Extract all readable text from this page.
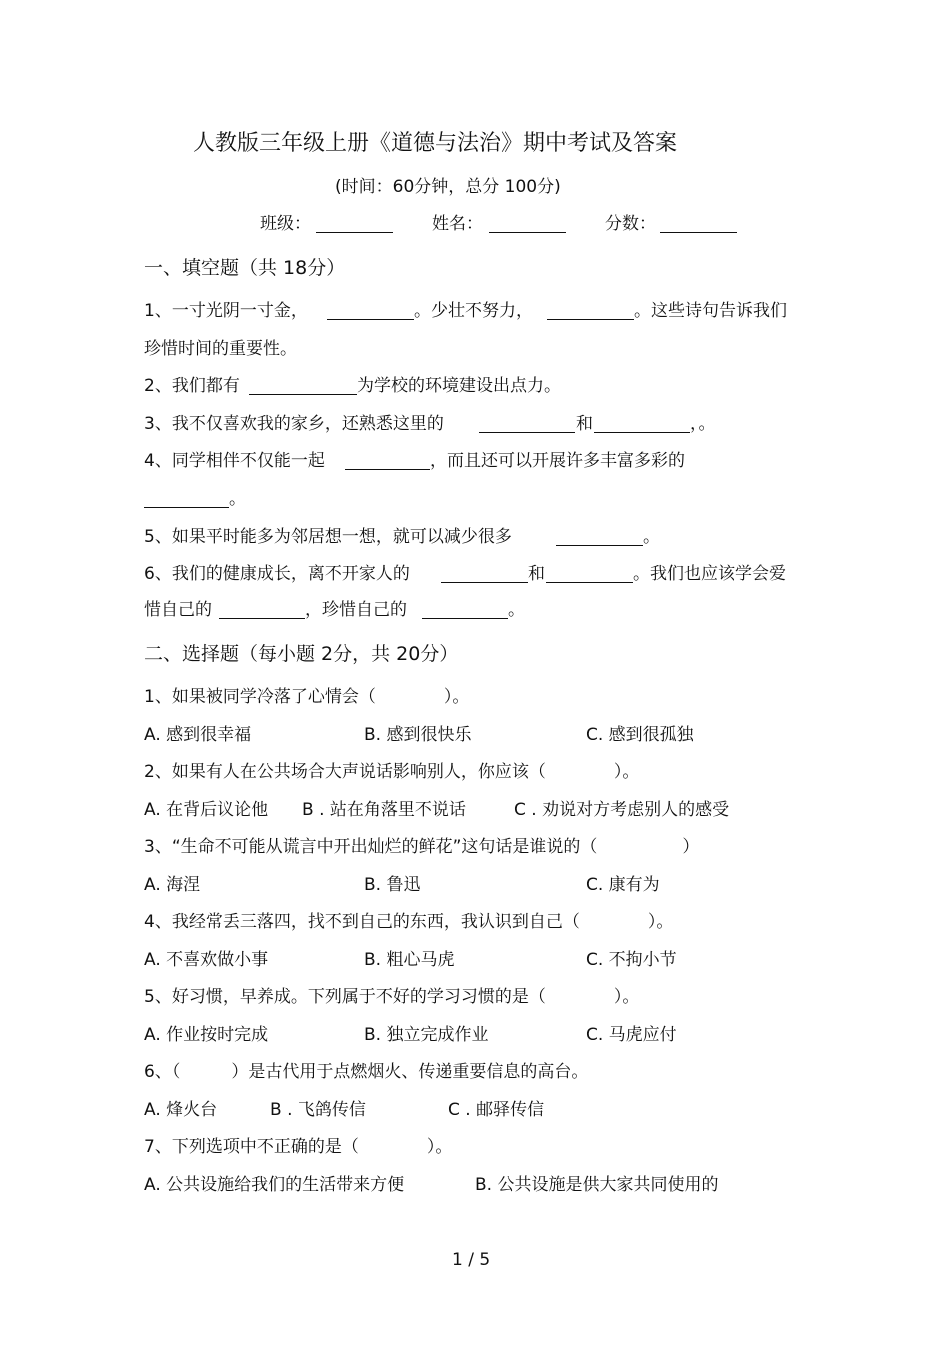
人教版三年级上册《道德与法治》期中考试及答案
(时间：60分钟，总分 100分)
班级：	姓名：	分数：
一、填空题（共 18分）
1、一寸光阴一寸金，	。少壮不努力，	。这些诗句告诉我们
珍惜时间的重要性。
2、我们都有	为学校的环境建设出点力。
3、我不仅喜欢我的家乡，还熟悉这里的	和	，。
4、同学相伴不仅能一起	，而且还可以开展许多丰富多彩的
。
5、如果平时能多为邻居想一想，就可以减少很多	。
6、我们的健康成长，离不开家人的	和	。我们也应该学会爱
惜自己的	，珍惜自己的	。
二、选择题（每小题 2分，共 20分）
1、如果被同学冷落了心情会（　　　　）。
A. 感到很幸福	B. 感到很快乐	C. 感到很孤独
2、如果有人在公共场合大声说话影响别人，你应该（　　　　）。
A. 在背后议论他 B . 站在角落里不说话	C . 劝说对方考虑别人的感受
3、“生命不可能从谎言中开出灿烂的鲜花”这句话是谁说的（　　　　　）
A. 海涅	B. 鲁迅	C. 康有为
4、我经常丢三落四，找不到自己的东西，我认识到自己（　　　　）。
A. 不喜欢做小事	B. 粗心马虎	C. 不拘小节
5、好习惯，早养成。下列属于不好的学习习惯的是（　　　　）。
A. 作业按时完成	B. 独立完成作业	C. 马虎应付
6、（　　　）是古代用于点燃烟火、传递重要信息的高台。
A. 烽火台	B . 飞鸽传信	C . 邮驿传信
7、下列选项中不正确的是（　　　　）。
A. 公共设施给我们的生活带来方便	B. 公共设施是供大家共同使用的
1 / 5
